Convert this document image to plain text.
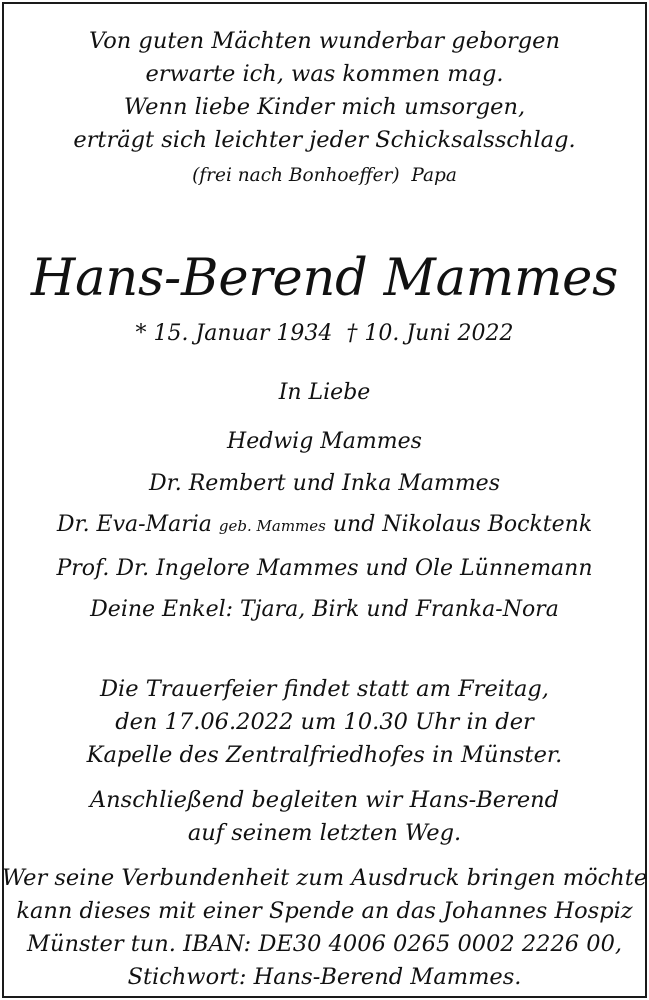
Von guten Mächten wunderbar geborgen
erwarte ich, was kommen mag.
Wenn liebe Kinder mich umsorgen,
erträgt sich leichter jeder Schicksalsschlag.
(frei nach Bonhoeffer)  Papa
Hans-Berend Mammes
* 15. Januar 1934  † 10. Juni 2022
In Liebe
Hedwig Mammes
Dr. Rembert und Inka Mammes
Dr. Eva-Maria geb. Mammes und Nikolaus Bocktenk
Prof. Dr. Ingelore Mammes und Ole Lünnemann
Deine Enkel: Tjara, Birk und Franka-Nora
Die Trauerfeier findet statt am Freitag,
den 17.06.2022 um 10.30 Uhr in der
Kapelle des Zentralfriedhofes in Münster.
Anschließend begleiten wir Hans-Berend
auf seinem letzten Weg.
Wer seine Verbundenheit zum Ausdruck bringen möchte
kann dieses mit einer Spende an das Johannes Hospiz
Münster tun. IBAN: DE30 4006 0265 0002 2226 00,
Stichwort: Hans-Berend Mammes.
